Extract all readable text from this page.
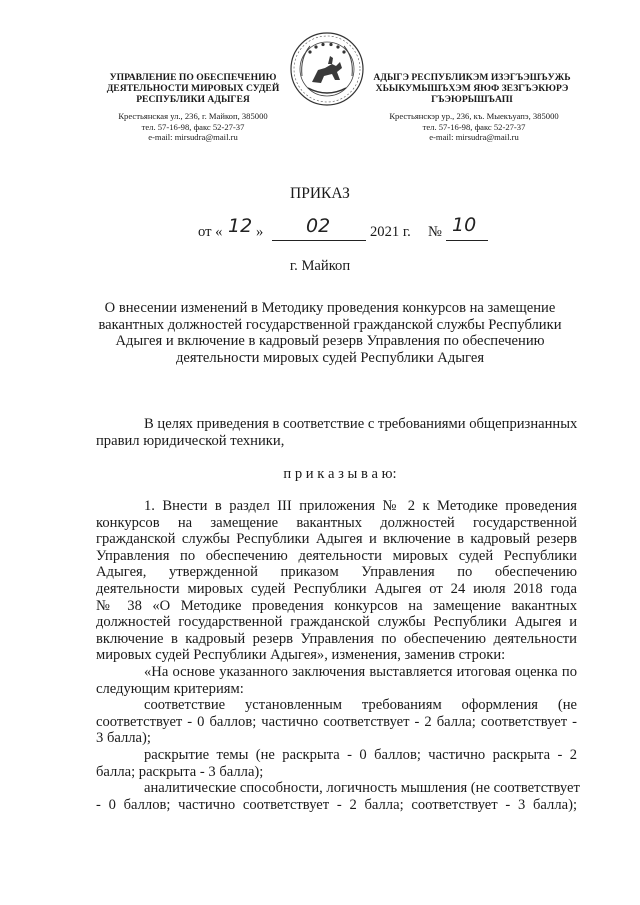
УПРАВЛЕНИЕ ПО ОБЕСПЕЧЕНИЮ
ДЕЯТЕЛЬНОСТИ МИРОВЫХ СУДЕЙ
РЕСПУБЛИКИ АДЫГЕЯ
Крестьянская ул., 236, г. Майкоп, 385000
тел. 57-16-98, факс 52-27-37
e-mail: mirsudra@mail.ru
АДЫГЭ РЕСПУБЛИКЭМ ИЗЭГЪЭШЪУЖЬ
ХЬЫКУМЫШЪХЭМ ЯЮФ ЗЕЗГЪЭКЮРЭ
ГЪЭЮРЫШЪАПI
Крестьянскэр ур., 236, къ. Мыекъуапэ, 385000
тел. 57-16-98, факс 52-27-37
e-mail: mirsudra@mail.ru
ПРИКАЗ
от « 12 » 02	2021 г. № 10
г. Майкоп
О внесении изменений в Методику проведения конкурсов на замещение
вакантных должностей государственной гражданской службы Республики
Адыгея и включение в кадровый резерв Управления по обеспечению
деятельности мировых судей Республики Адыгея
В целях приведения в соответствие с требованиями общепризнанных
правил юридической техники,
п р и к а з ы в а ю:
1. Внести в раздел III приложения № 2 к Методике проведения
конкурсов на замещение вакантных должностей государственной
гражданской службы Республики Адыгея и включение в кадровый резерв
Управления по обеспечению деятельности мировых судей Республики
Адыгея, утвержденной приказом Управления по обеспечению
деятельности мировых судей Республики Адыгея от 24 июля 2018 года
№ 38 «О Методике проведения конкурсов на замещение вакантных
должностей государственной гражданской службы Республики Адыгея и
включение в кадровый резерв Управления по обеспечению деятельности
мировых судей Республики Адыгея», изменения, заменив строки:
«На основе указанного заключения выставляется итоговая оценка по
следующим критериям:
соответствие установленным требованиям оформления (не
соответствует - 0 баллов; частично соответствует - 2 балла; соответствует -
3 балла);
раскрытие темы (не раскрыта - 0 баллов; частично раскрыта - 2
балла; раскрыта - 3 балла);
аналитические способности, логичность мышления (не соответствует
- 0 баллов; частично соответствует - 2 балла; соответствует - 3 балла);
